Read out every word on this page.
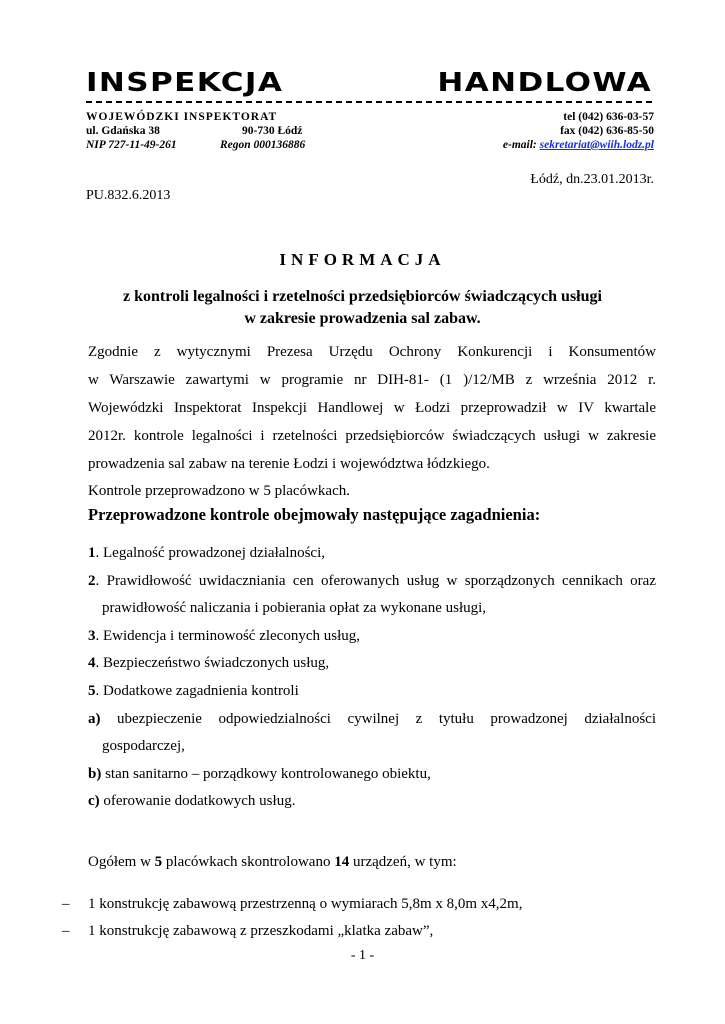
INSPEKCJA	HANDLOWA
WOJEWÓDZKI INSPEKTORAT
ul. Gdańska 38	90-730 Łódź
NIP 727-11-49-261	Regon 000136886
tel (042) 636-03-57
fax (042) 636-85-50
e-mail: sekretariat@wiih.lodz.pl
Łódź, dn.23.01.2013r.
PU.832.6.2013
INFORMACJA
z kontroli legalności i rzetelności przedsiębiorców świadczących usługi
w zakresie prowadzenia sal zabaw.

Zgodnie z wytycznymi Prezesa Urzędu Ochrony Konkurencji i Konsumentów

w Warszawie zawartymi w programie nr DIH-81- (1 )/12/MB z września 2012 r.

Wojewódzki Inspektorat Inspekcji Handlowej w Łodzi przeprowadził w IV kwartale

2012r. kontrole legalności i rzetelności przedsiębiorców świadczących usługi w zakresie

prowadzenia sal zabaw na terenie Łodzi i województwa łódzkiego.

Kontrole przeprowadzono w 5 placówkach.

Przeprowadzone kontrole obejmowały następujące zagadnienia:
1. Legalność prowadzonej działalności,
2. Prawidłowość uwidaczniania cen oferowanych usług w sporządzonych cennikach oraz
prawidłowość naliczania i pobierania opłat za wykonane usługi,
3. Ewidencja i terminowość zleconych usług,
4. Bezpieczeństwo świadczonych usług,
5. Dodatkowe zagadnienia kontroli
a) ubezpieczenie odpowiedzialności cywilnej z tytułu prowadzonej działalności
gospodarczej,
b) stan sanitarno – porządkowy kontrolowanego obiektu,
c) oferowanie dodatkowych usług.
Ogółem w 5 placówkach skontrolowano 14 urządzeń, w tym:
– 1 konstrukcję zabawową przestrzenną o wymiarach 5,8m x 8,0m x4,2m,
– 1 konstrukcję zabawową z przeszkodami „klatka zabaw”,
- 1 -
